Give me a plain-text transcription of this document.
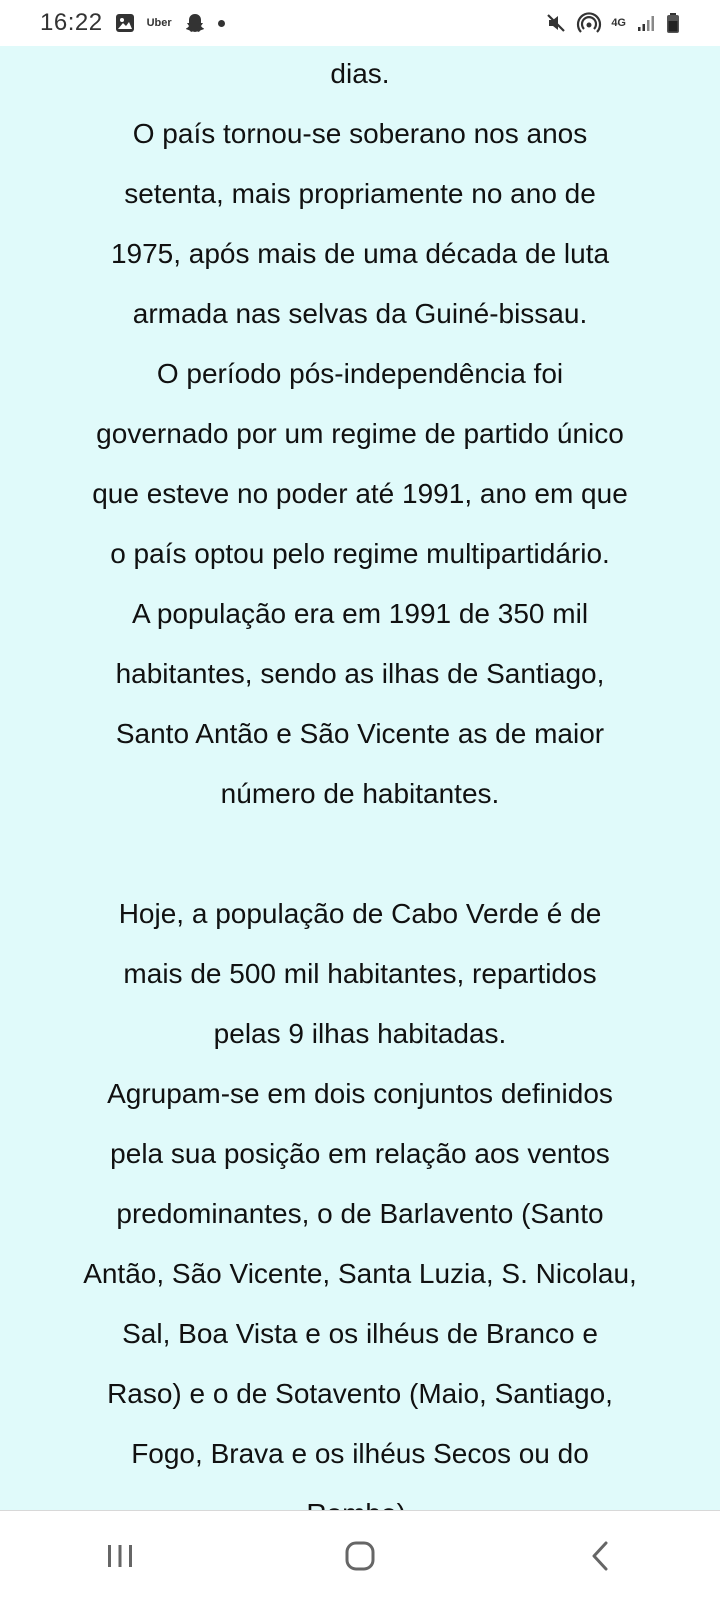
16:22	Uber	4G

dias.

O país tornou-se soberano nos anos

setenta, mais propriamente no ano de

1975, após mais de uma década de luta

armada nas selvas da Guiné-bissau.

O período pós-independência foi

governado por um regime de partido único

que esteve no poder até 1991, ano em que

o país optou pelo regime multipartidário.

A população era em 1991 de 350 mil

habitantes, sendo as ilhas de Santiago,

Santo Antão e São Vicente as de maior

número de habitantes.

Hoje, a população de Cabo Verde é de

mais de 500 mil habitantes, repartidos

pelas 9 ilhas habitadas.

Agrupam-se em dois conjuntos definidos

pela sua posição em relação aos ventos

predominantes, o de Barlavento (Santo

Antão, São Vicente, Santa Luzia, S. Nicolau,

Sal, Boa Vista e os ilhéus de Branco e

Raso) e o de Sotavento (Maio, Santiago,

Fogo, Brava e os ilhéus Secos ou do
